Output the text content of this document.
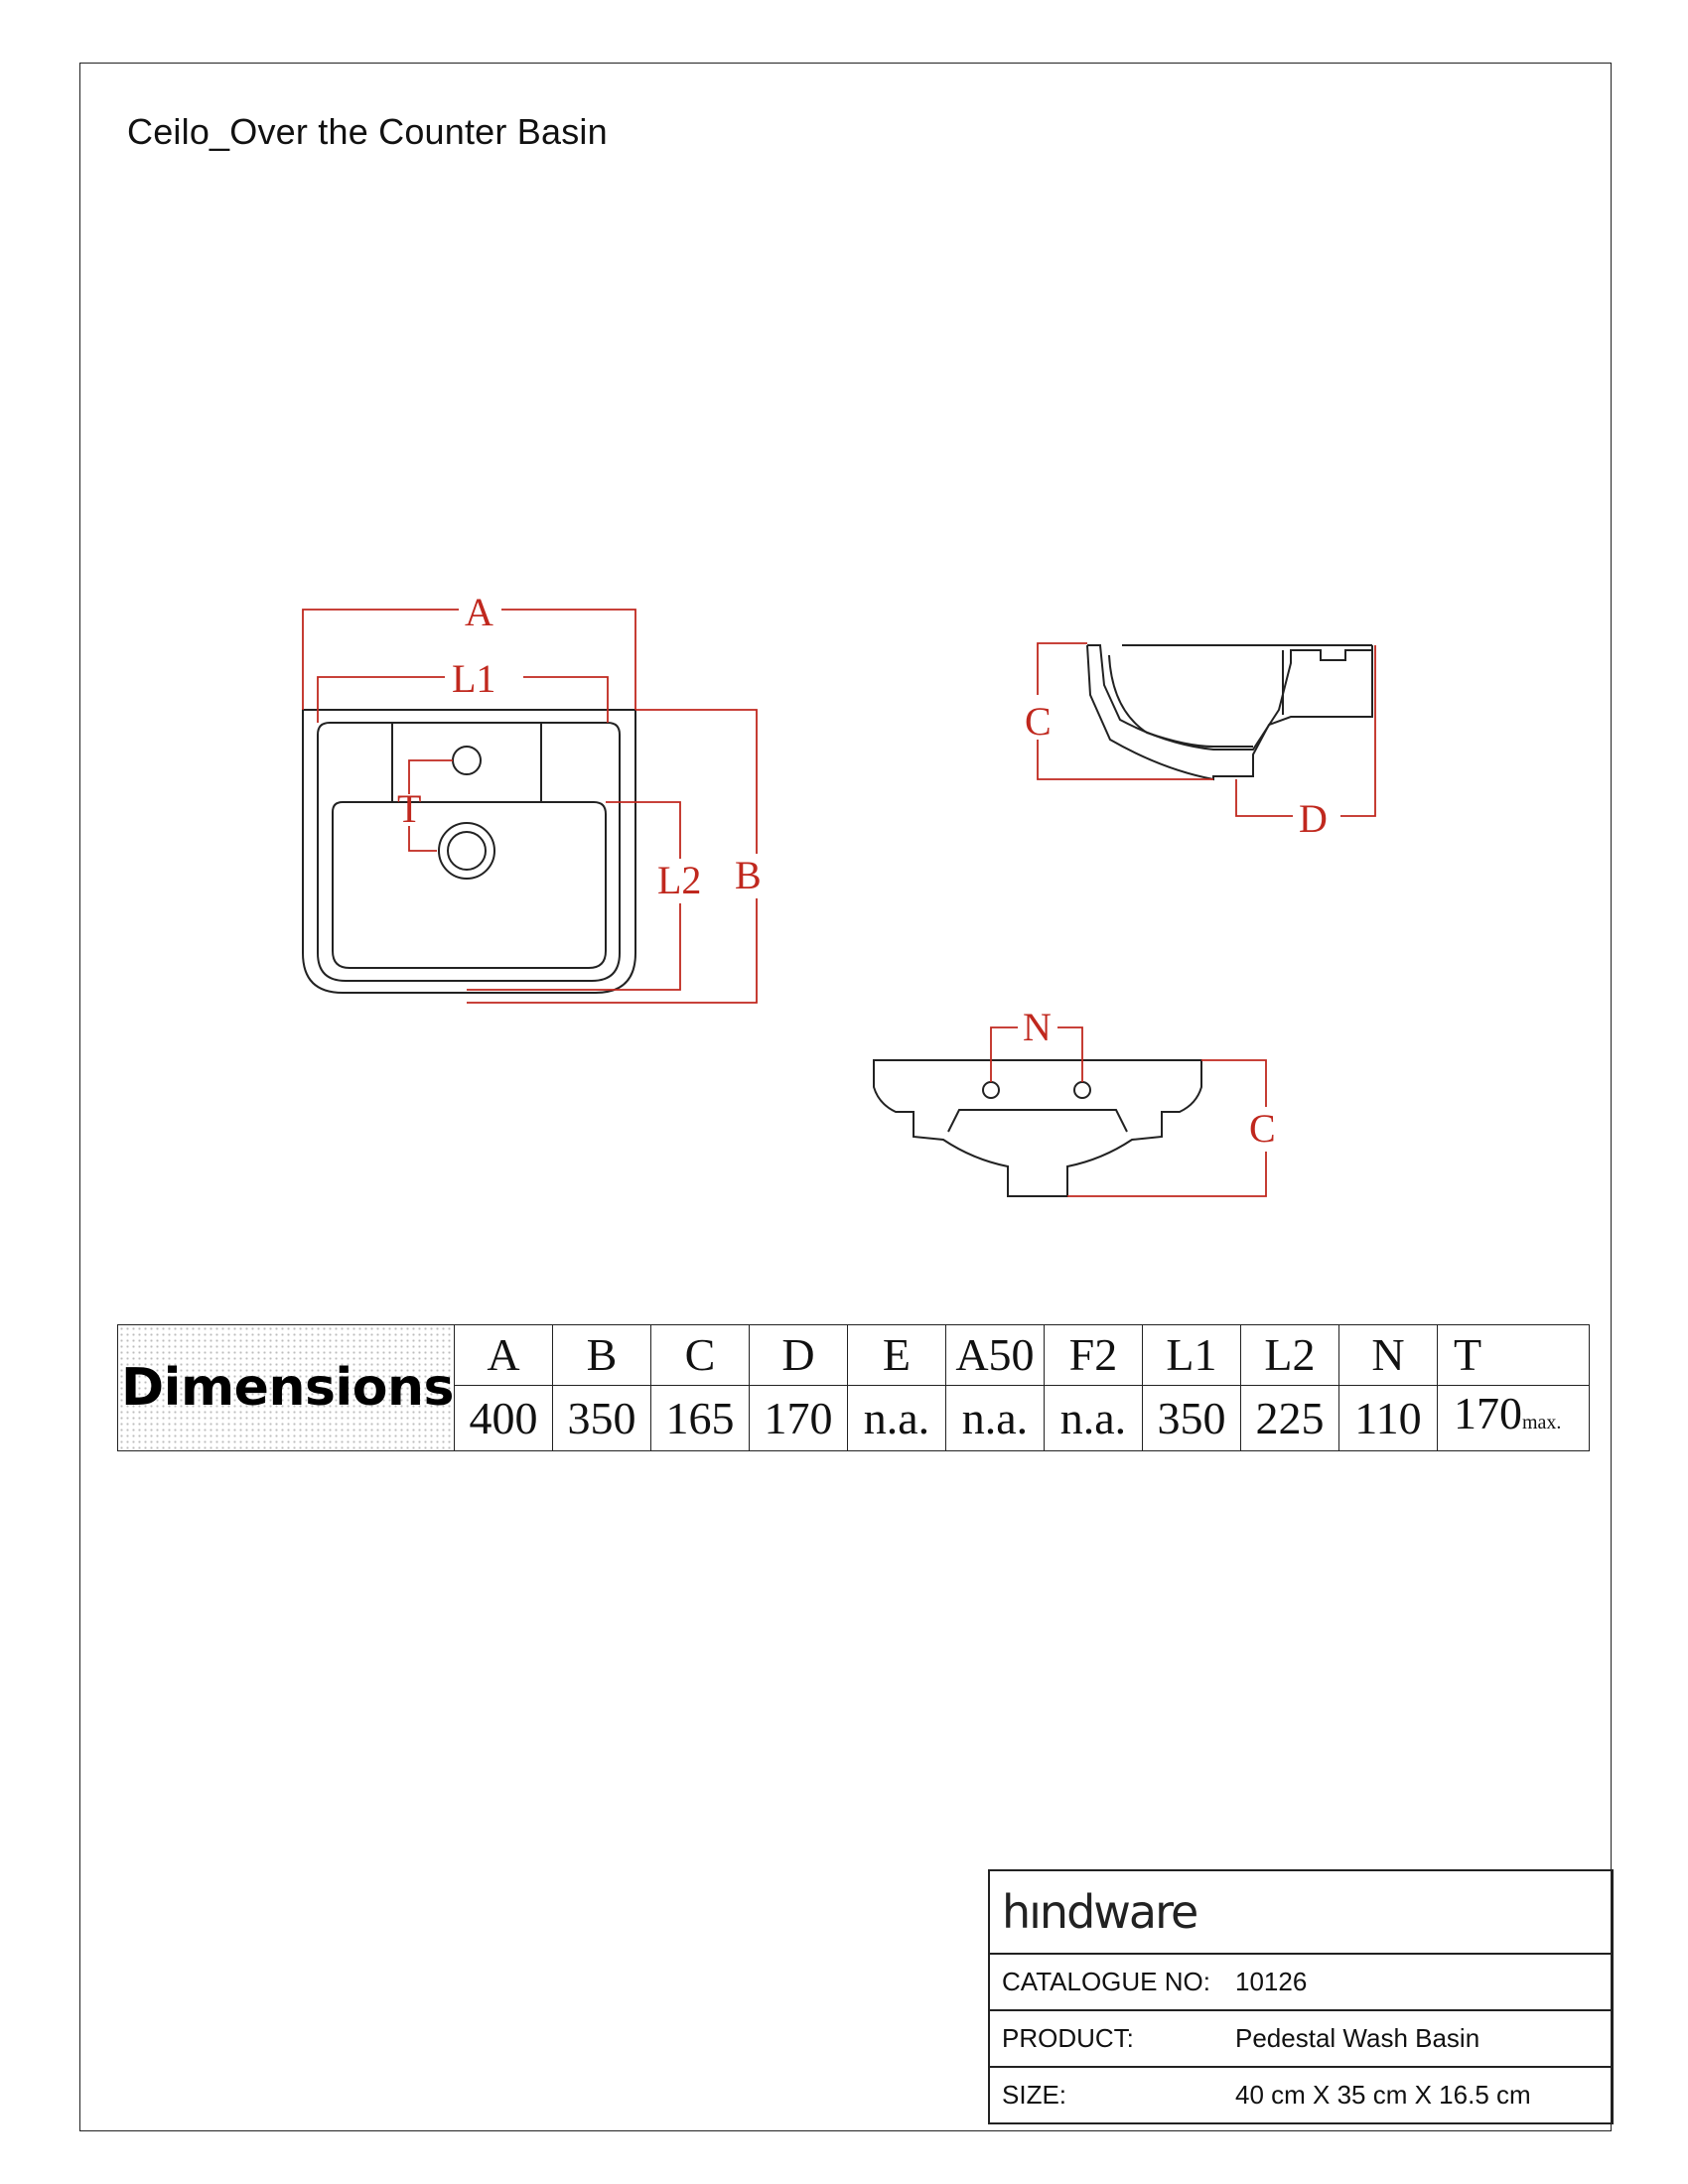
Ceilo_Over the Counter Basin
A
L1
T
L2 B
C
D
N
C
Dimensions	A	B	C	D	E	A50	F2	L1	L2	N	T
	400	350	165	170	n.a.	n.a.	n.a.	350	225	110	170max.
hındware
CATALOGUE NO: 10126
PRODUCT:	Pedestal Wash Basin
SIZE:	40 cm X 35 cm X 16.5 cm
